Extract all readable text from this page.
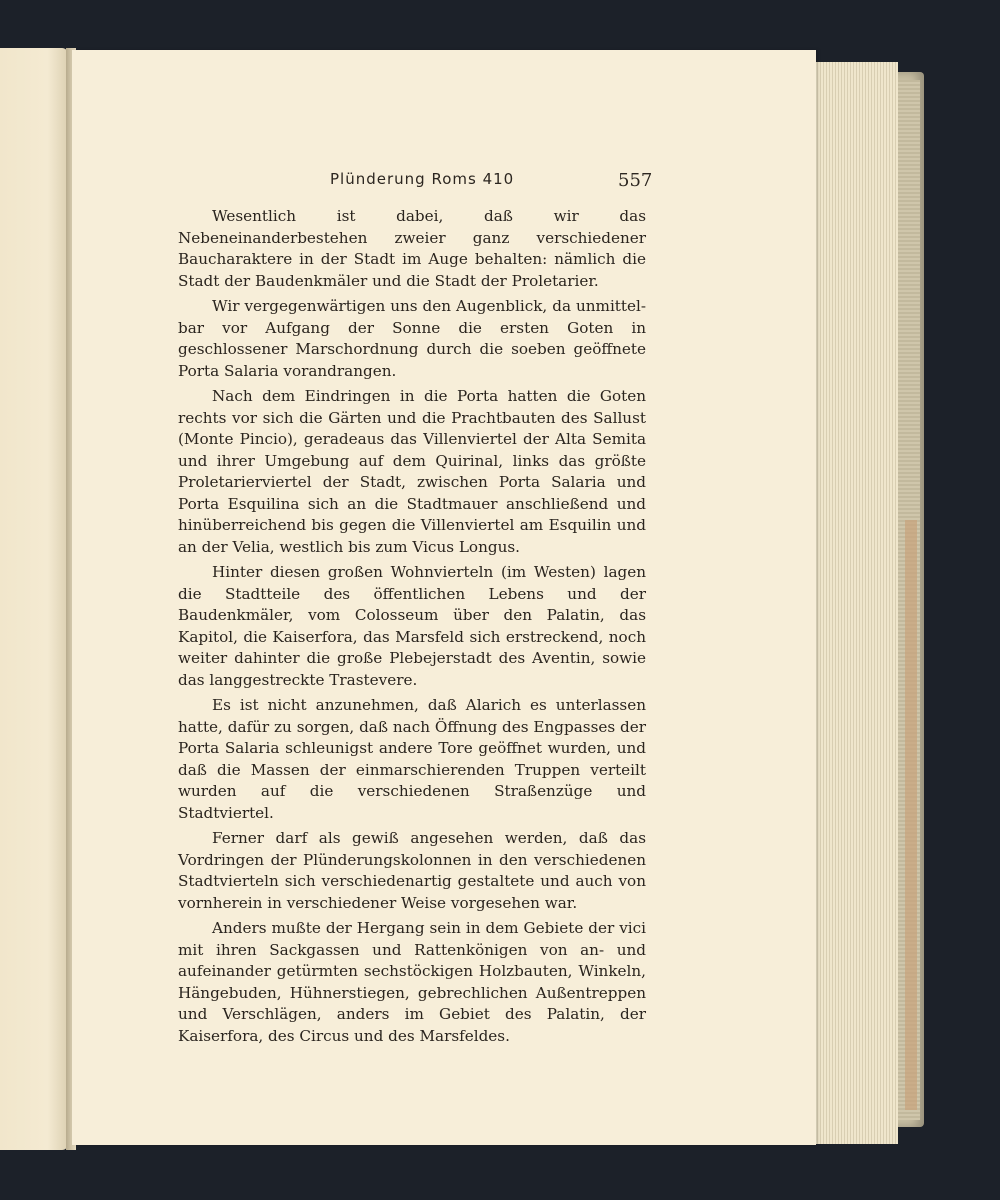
Plünderung Roms 410	557

Wesentlich ist dabei, daß wir das Nebeneinanderbestehen zweier ganz verschiedener Baucharaktere in der Stadt im Auge behalten: nämlich die Stadt der Baudenkmäler und die Stadt der Proletarier.

Wir vergegenwärtigen uns den Augenblick, da unmittelbar vor Aufgang der Sonne die ersten Goten in geschlossener Marschordnung durch die soeben geöffnete Porta Salaria vorandrangen.

Nach dem Eindringen in die Porta hatten die Goten rechts vor sich die Gärten und die Prachtbauten des Sallust (Monte Pincio), geradeaus das Villenviertel der Alta Semita und ihrer Umgebung auf dem Quirinal, links das größte Proletarierviertel der Stadt, zwischen Porta Salaria und Porta Esquilina sich an die Stadtmauer anschließend und hinüberreichend bis gegen die Villenviertel am Esquilin und an der Velia, westlich bis zum Vicus Longus.

Hinter diesen großen Wohnvierteln (im Westen) lagen die Stadtteile des öffentlichen Lebens und der Baudenkmäler, vom Colosseum über den Palatin, das Kapitol, die Kaiserfora, das Marsfeld sich erstreckend, noch weiter dahinter die große Plebejerstadt des Aventin, sowie das langgestreckte Trastevere.

Es ist nicht anzunehmen, daß Alarich es unterlassen hatte, dafür zu sorgen, daß nach Öffnung des Engpasses der Porta Salaria schleunigst andere Tore geöffnet wurden, und daß die Massen der einmarschierenden Truppen verteilt wurden auf die verschiedenen Straßenzüge und Stadtviertel.

Ferner darf als gewiß angesehen werden, daß das Vordringen der Plünderungskolonnen in den verschiedenen Stadtvierteln sich verschiedenartig gestaltete und auch von vornherein in verschiedener Weise vorgesehen war.

Anders mußte der Hergang sein in dem Gebiete der vici mit ihren Sackgassen und Rattenkönigen von an- und aufeinander getürmten sechstöckigen Holzbauten, Winkeln, Hängebuden, Hühnerstiegen, gebrechlichen Außentreppen und Verschlägen, anders im Gebiet des Palatin, der Kaiserfora, des Circus und des Marsfeldes.
